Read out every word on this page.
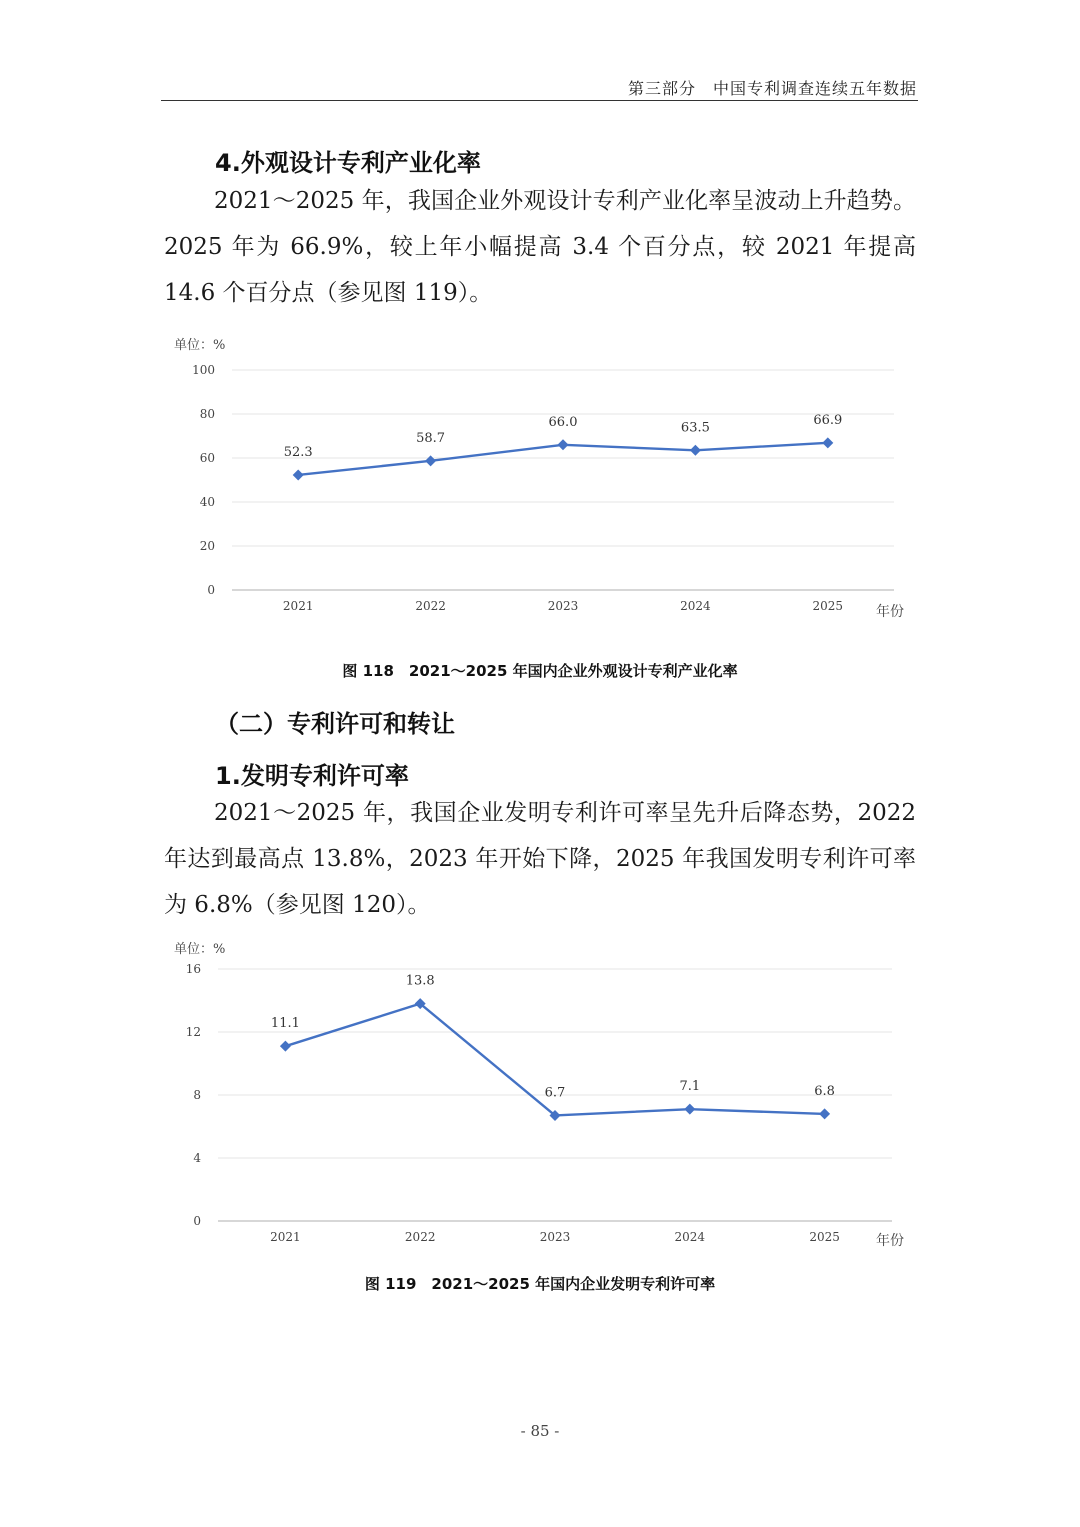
第三部分　中国专利调查连续五年数据
4.外观设计专利产业化率
2021～2025 年，我国企业外观设计专利产业化率呈波动上升趋势。2025 年为 66.9%，较上年小幅提高 3.4 个百分点，较 2021 年提高 14.6 个百分点（参见图 119）。
单位：%
年份
0
20
40
60
80
100
2021	2022	2023	2024	2025
52.3
58.7
66.0	63.5	66.9
图 118　2021～2025 年国内企业外观设计专利产业化率
（二）专利许可和转让
1.发明专利许可率
2021～2025 年，我国企业发明专利许可率呈先升后降态势，2022 年达到最高点 13.8%，2023 年开始下降，2025 年我国发明专利许可率为 6.8%（参见图 120）。
单位：%
年份
0
4
8
12
16
2021	2022	2023	2024	2025
11.1
13.8
6.7	7.1	6.8
图 119　2021～2025 年国内企业发明专利许可率
- 85 -
